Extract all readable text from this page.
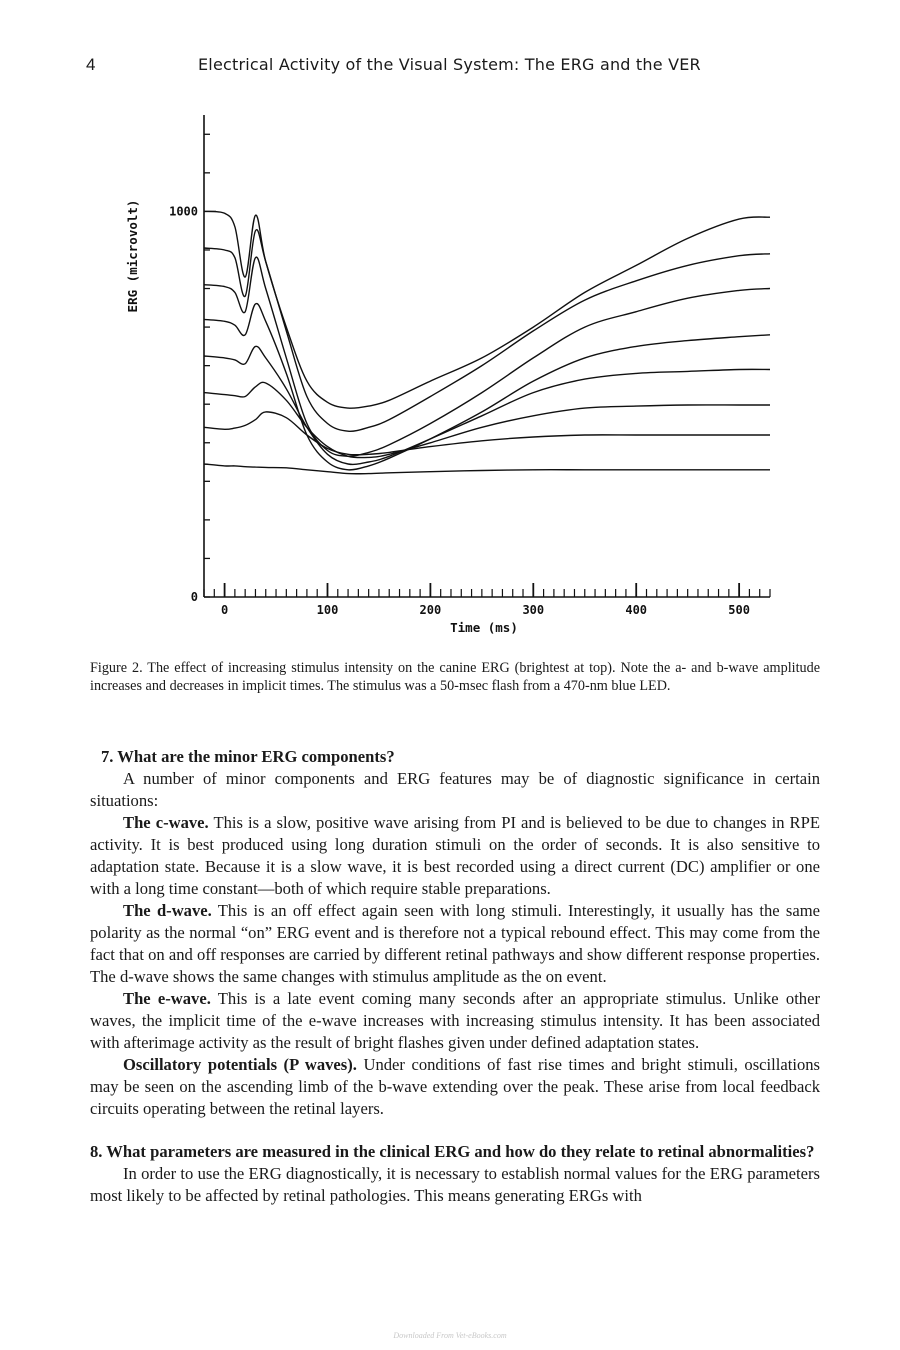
4	Electrical Activity of the Visual System: The ERG and the VER
0	100	200	300	400	500
0
1000
Time (ms)
ERG (microvolt)
Figure 2. The effect of increasing stimulus intensity on the canine ERG (brightest at top). Note the a- and b-wave amplitude increases and decreases in implicit times. The stimulus was a 50-msec flash from a 470-nm blue LED.

7. What are the minor ERG components?

A number of minor components and ERG features may be of diagnostic significance in certain situations:

The c-wave. This is a slow, positive wave arising from PI and is believed to be due to changes in RPE activity. It is best produced using long duration stimuli on the order of seconds. It is also sensitive to adaptation state. Because it is a slow wave, it is best recorded using a direct current (DC) amplifier or one with a long time constant—both of which require stable preparations.

The d-wave. This is an off effect again seen with long stimuli. Interestingly, it usually has the same polarity as the normal “on” ERG event and is therefore not a typical rebound effect. This may come from the fact that on and off responses are carried by different retinal pathways and show different response properties. The d-wave shows the same changes with stimulus amplitude as the on event.

The e-wave. This is a late event coming many seconds after an appropriate stimulus. Unlike other waves, the implicit time of the e-wave increases with increasing stimulus intensity. It has been associated with afterimage activity as the result of bright flashes given under defined adaptation states.

Oscillatory potentials (P waves). Under conditions of fast rise times and bright stimuli, oscillations may be seen on the ascending limb of the b-wave extending over the peak. These arise from local feedback circuits operating between the retinal layers.

8. What parameters are measured in the clinical ERG and how do they relate to retinal abnormalities?

In order to use the ERG diagnostically, it is necessary to establish normal values for the ERG parameters most likely to be affected by retinal pathologies. This means generating ERGs with

Downloaded From Vet-eBooks.com
